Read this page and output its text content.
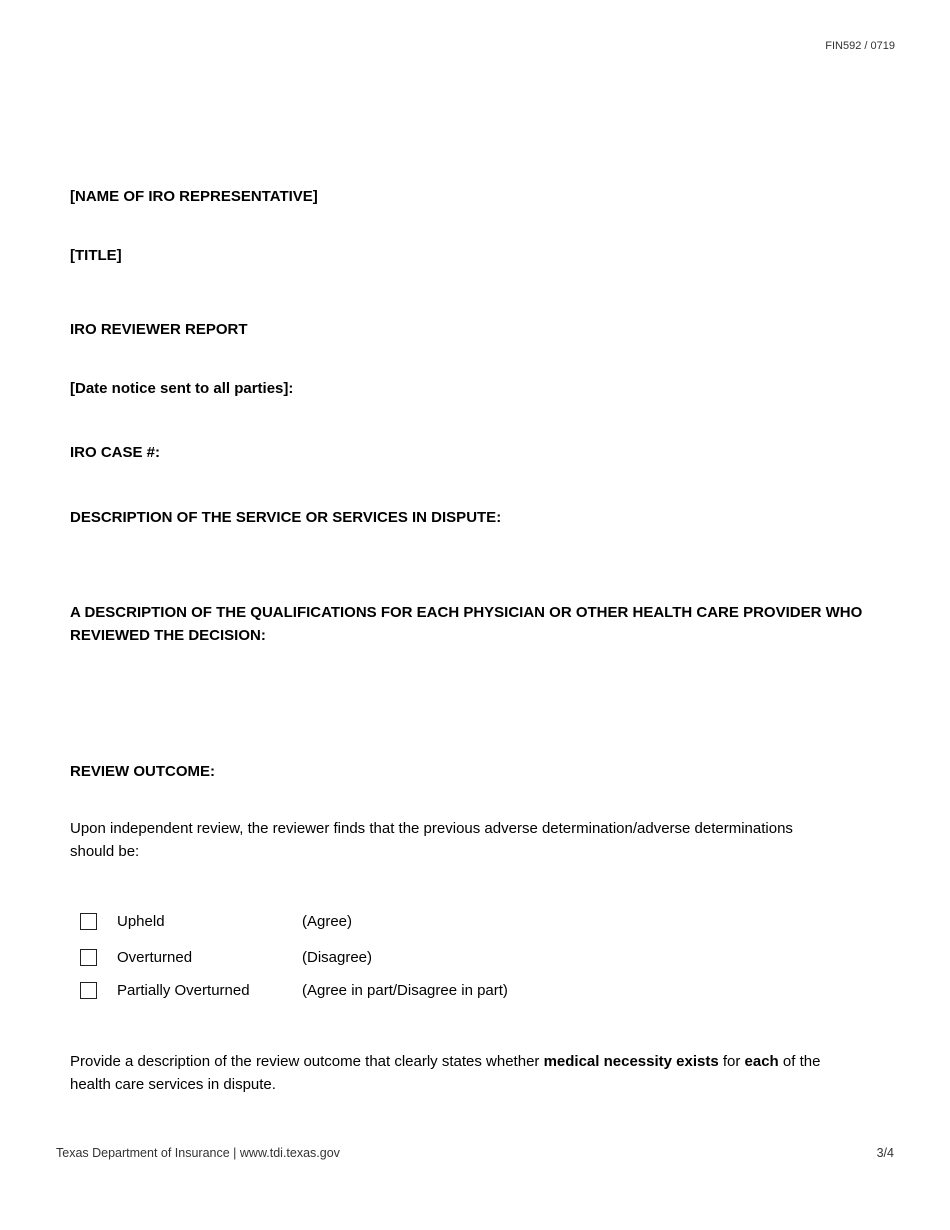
FIN592 / 0719
[NAME OF IRO REPRESENTATIVE]
[TITLE]
IRO REVIEWER REPORT
[Date notice sent to all parties]:
IRO CASE #:
DESCRIPTION OF THE SERVICE OR SERVICES IN DISPUTE:
A DESCRIPTION OF THE QUALIFICATIONS FOR EACH PHYSICIAN OR OTHER HEALTH CARE PROVIDER WHO
REVIEWED THE DECISION:
REVIEW OUTCOME:
Upon independent review, the reviewer finds that the previous adverse determination/adverse determinations
should be:
Upheld	(Agree)
Overturned	(Disagree)
Partially Overturned	(Agree in part/Disagree in part)
Provide a description of the review outcome that clearly states whether medical necessity exists for each of the
health care services in dispute.
Texas Department of Insurance | www.tdi.texas.gov	3/4
